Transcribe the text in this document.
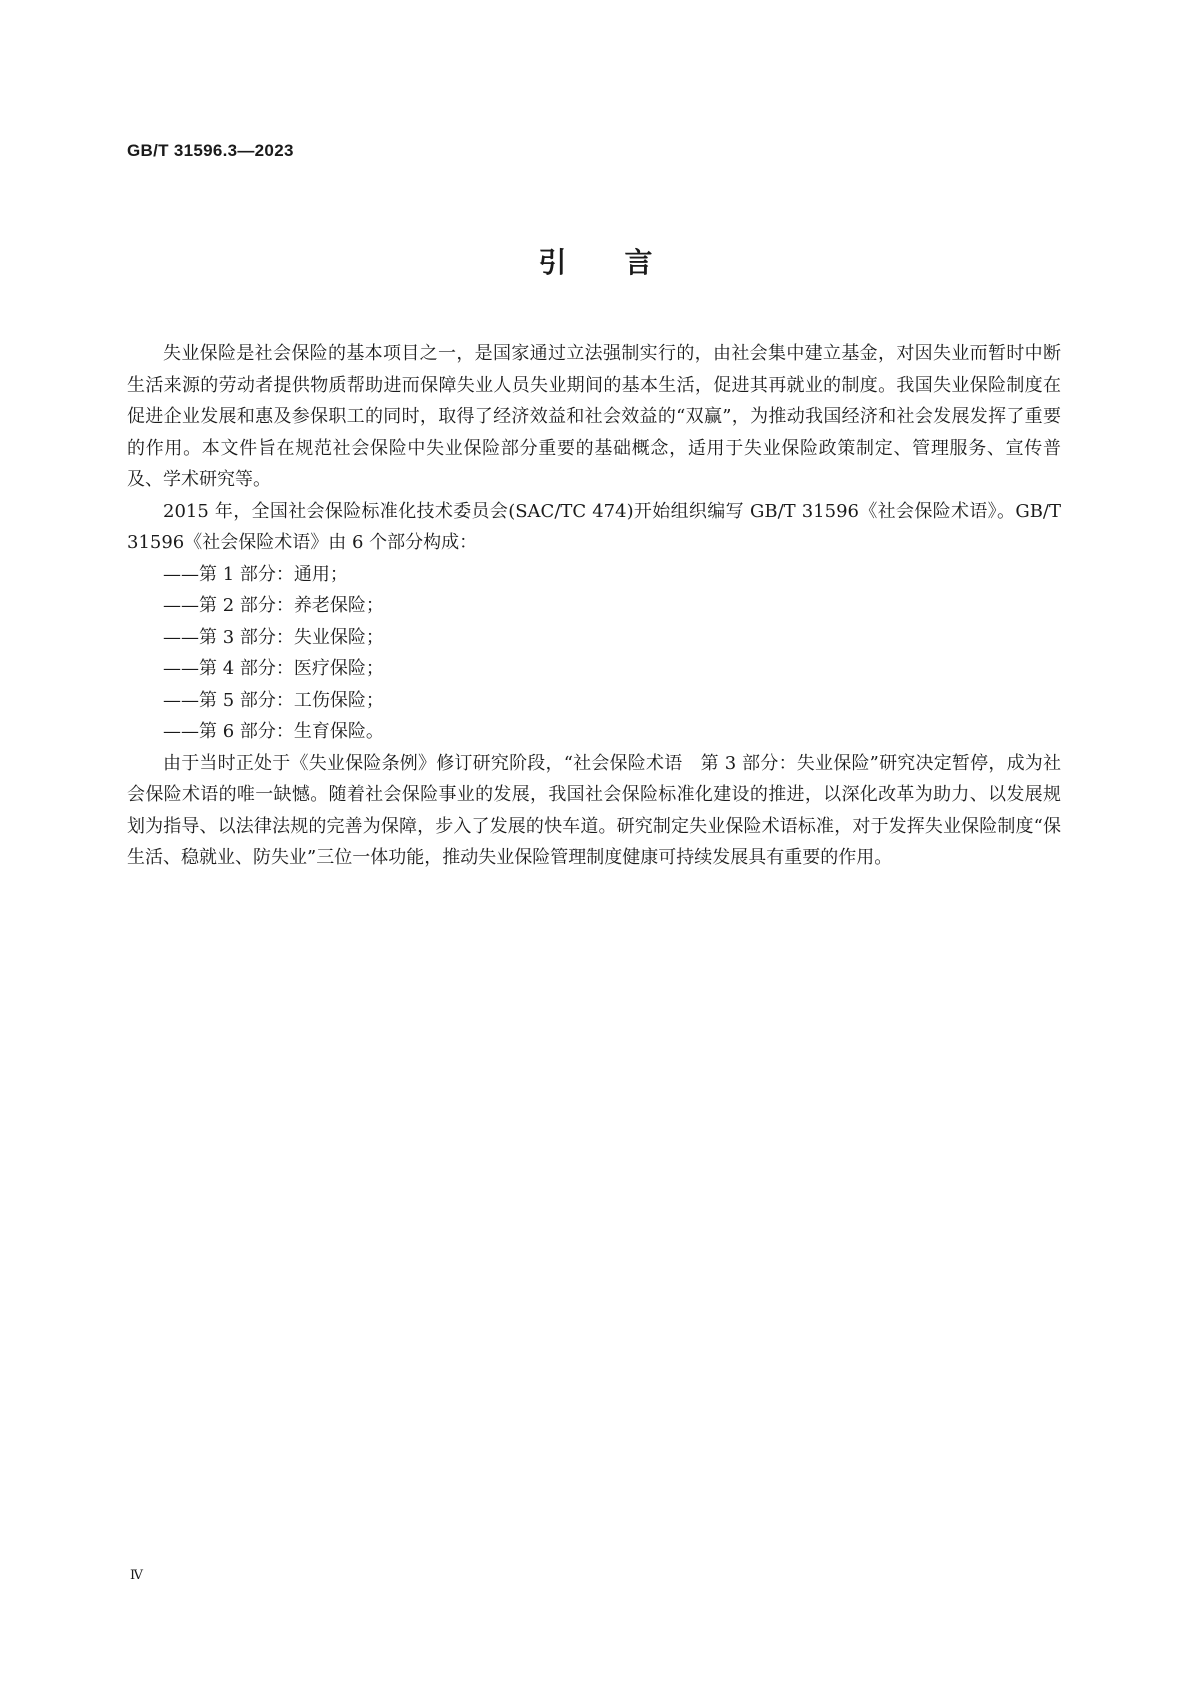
GB/T 31596.3—2023
引 言

失业保险是社会保险的基本项目之一，是国家通过立法强制实行的，由社会集中建立基金，对因失业而暂时中断生活来源的劳动者提供物质帮助进而保障失业人员失业期间的基本生活，促进其再就业的制度。我国失业保险制度在促进企业发展和惠及参保职工的同时，取得了经济效益和社会效益的“双赢”，为推动我国经济和社会发展发挥了重要的作用。本文件旨在规范社会保险中失业保险部分重要的基础概念，适用于失业保险政策制定、管理服务、宣传普及、学术研究等。

2015 年，全国社会保险标准化技术委员会(SAC/TC 474)开始组织编写 GB/T 31596《社会保险术语》。GB/T 31596《社会保险术语》由 6 个部分构成：

——第 1 部分：通用；

——第 2 部分：养老保险；

——第 3 部分：失业保险；

——第 4 部分：医疗保险；

——第 5 部分：工伤保险；

——第 6 部分：生育保险。

由于当时正处于《失业保险条例》修订研究阶段，“社会保险术语　第 3 部分：失业保险”研究决定暂停，成为社会保险术语的唯一缺憾。随着社会保险事业的发展，我国社会保险标准化建设的推进，以深化改革为助力、以发展规划为指导、以法律法规的完善为保障，步入了发展的快车道。研究制定失业保险术语标准，对于发挥失业保险制度“保生活、稳就业、防失业”三位一体功能，推动失业保险管理制度健康可持续发展具有重要的作用。

Ⅳ
